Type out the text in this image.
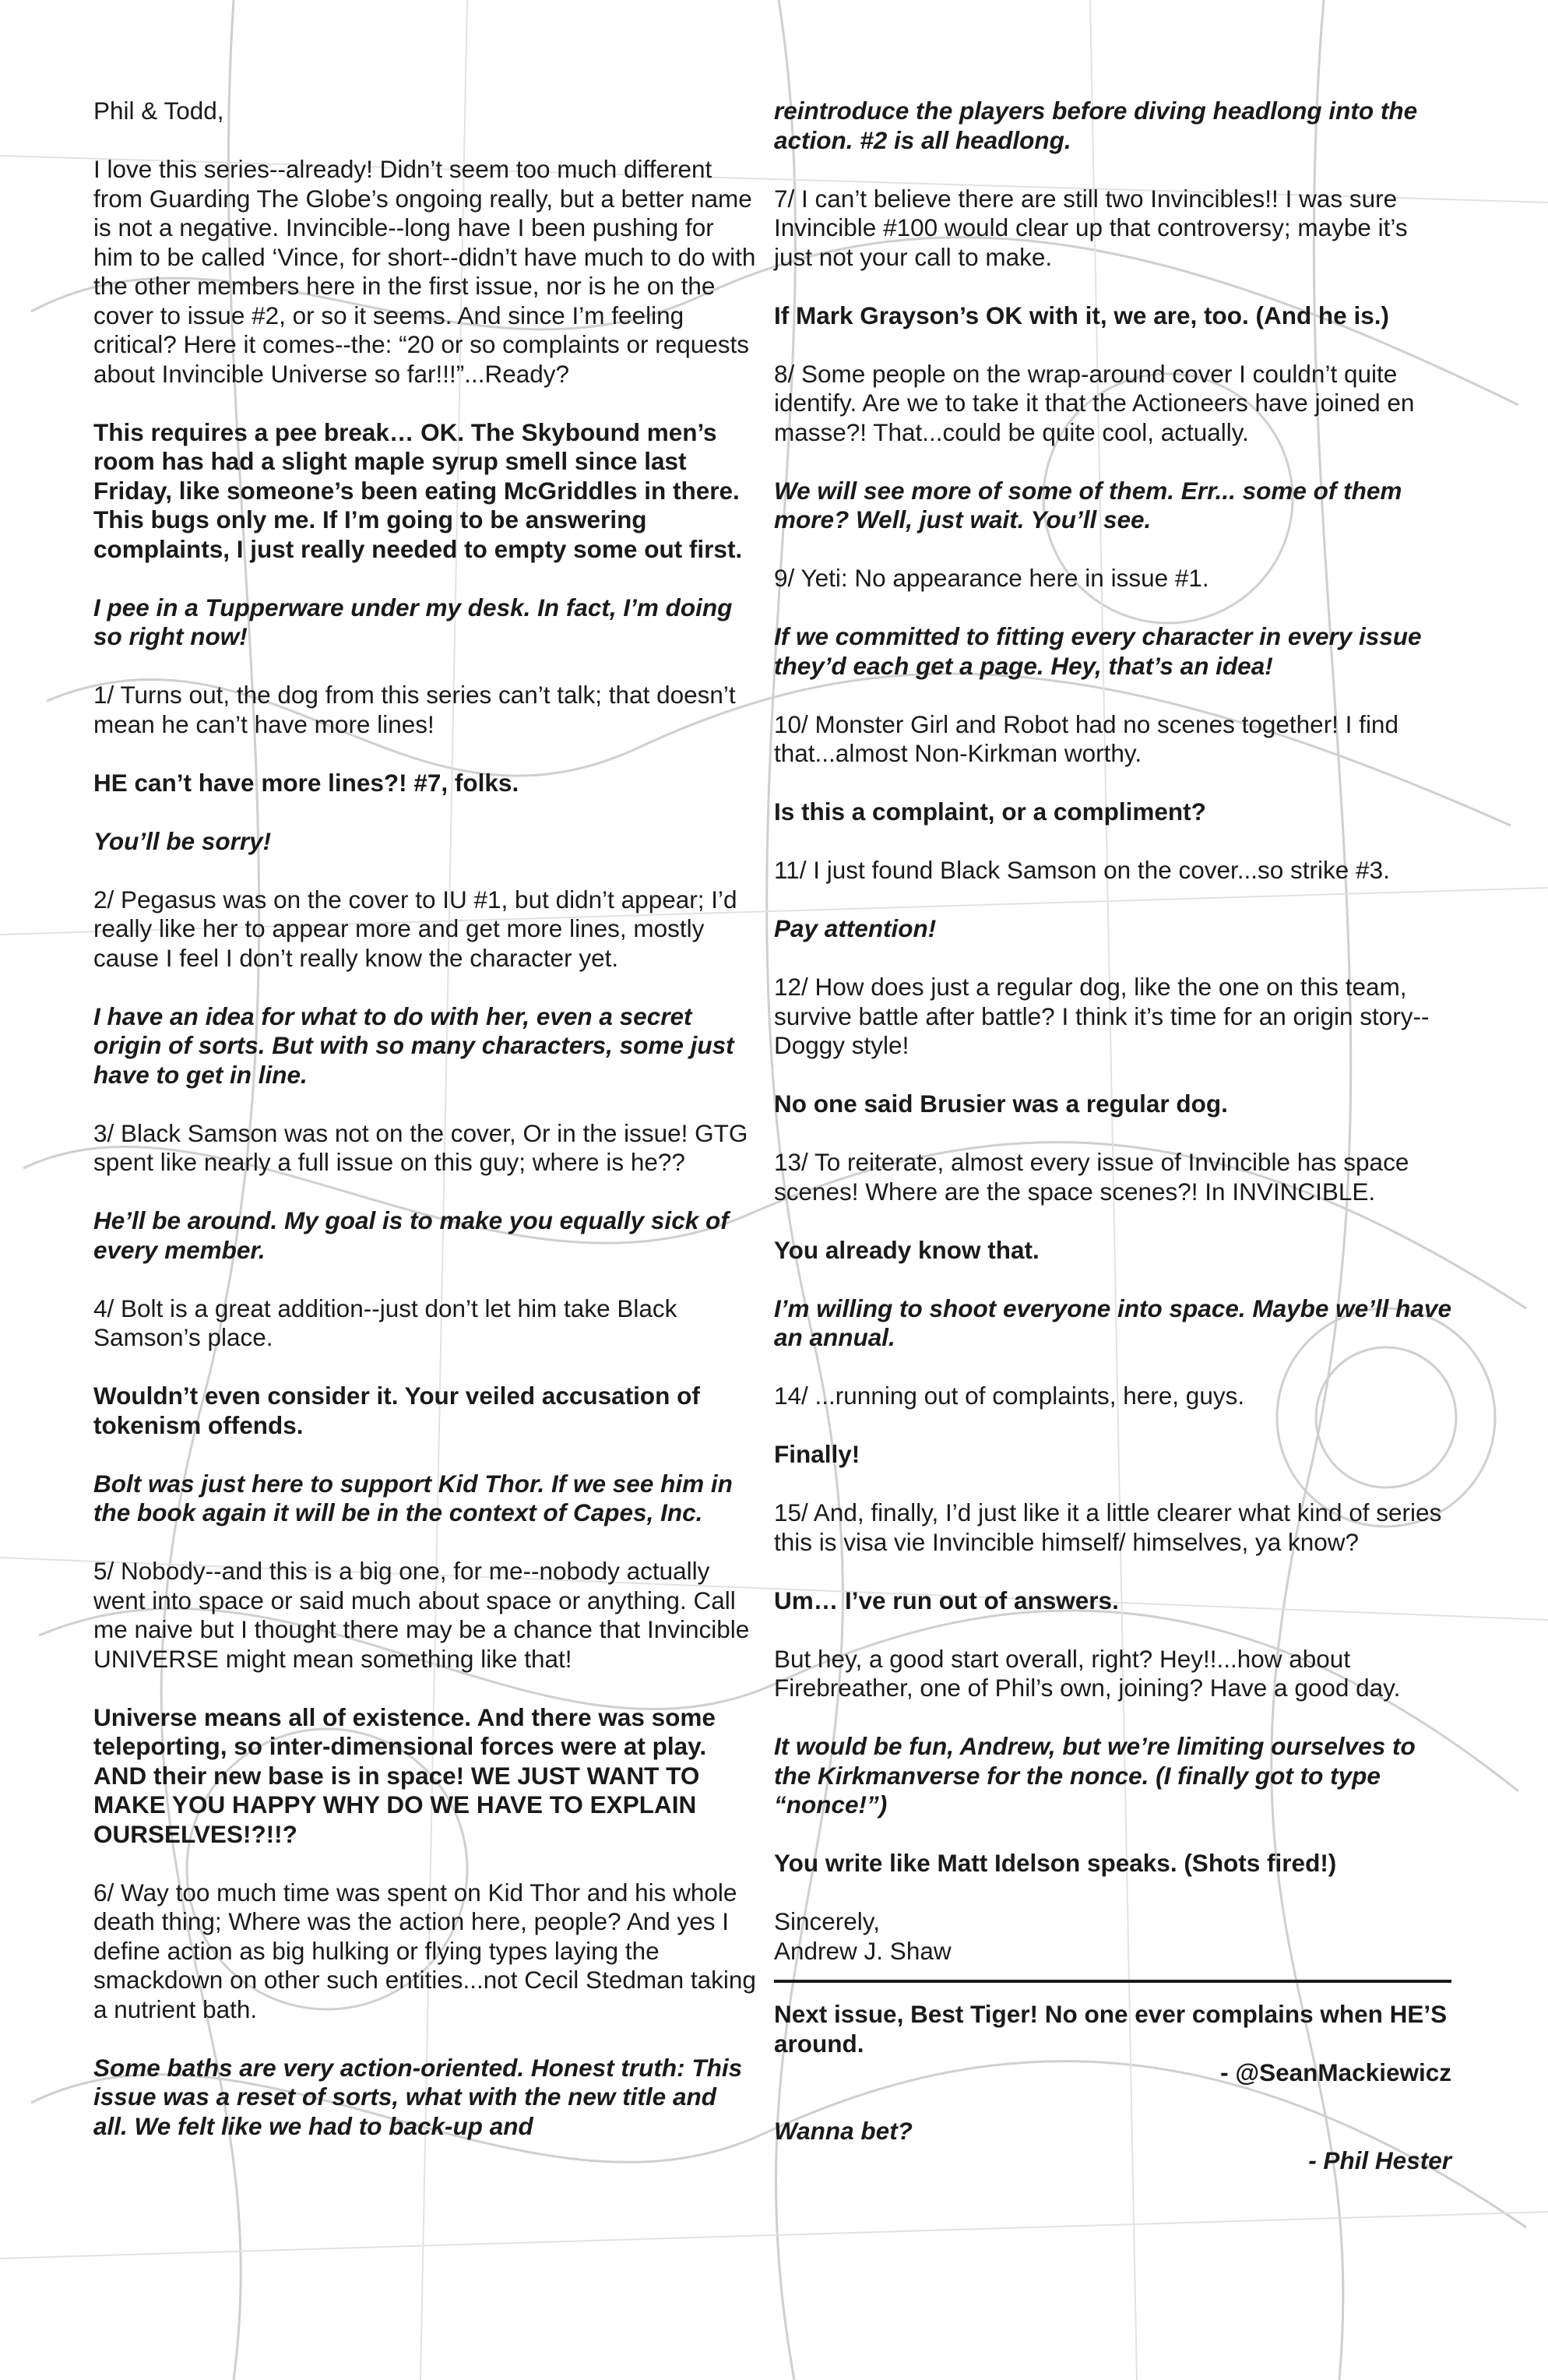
Phil & Todd,

I love this series--already! Didn’t seem too much different from Guarding The Globe’s ongoing really, but a better name is not a negative. Invincible--long have I been pushing for him to be called ‘Vince, for short--didn’t have much to do with the other members here in the first issue, nor is he on the cover to issue #2, or so it seems. And since I’m feeling critical? Here it comes--the: “20 or so complaints or requests about Invincible Universe so far!!!”...Ready?

This requires a pee break… OK. The Skybound men’s room has had a slight maple syrup smell since last Friday, like someone’s been eating McGriddles in there. This bugs only me. If I’m going to be answering complaints, I just really needed to empty some out first.

I pee in a Tupperware under my desk. In fact, I’m doing so right now!

1/ Turns out, the dog from this series can’t talk; that doesn’t mean he can’t have more lines!

HE can’t have more lines?! #7, folks.

You’ll be sorry!

2/ Pegasus was on the cover to IU #1, but didn’t appear; I’d really like her to appear more and get more lines, mostly cause I feel I don’t really know the character yet.

I have an idea for what to do with her, even a secret origin of sorts. But with so many characters, some just have to get in line.

3/ Black Samson was not on the cover, Or in the issue! GTG spent like nearly a full issue on this guy; where is he??

He’ll be around. My goal is to make you equally sick of every member.

4/ Bolt is a great addition--just don’t let him take Black Samson’s place.

Wouldn’t even consider it. Your veiled accusation of tokenism offends.

Bolt was just here to support Kid Thor. If we see him in the book again it will be in the context of Capes, Inc.

5/ Nobody--and this is a big one, for me--nobody actually went into space or said much about space or anything. Call me naive but I thought there may be a chance that Invincible UNIVERSE might mean something like that!

Universe means all of existence. And there was some teleporting, so inter-dimensional forces were at play. AND their new base is in space! WE JUST WANT TO MAKE YOU HAPPY WHY DO WE HAVE TO EXPLAIN OURSELVES!?!!?

6/ Way too much time was spent on Kid Thor and his whole death thing; Where was the action here, people? And yes I define action as big hulking or flying types laying the smackdown on other such entities...not Cecil Stedman taking a nutrient bath.

Some baths are very action-oriented. Honest truth: This issue was a reset of sorts, what with the new title and all. We felt like we had to back-up and

reintroduce the players before diving headlong into the action. #2 is all headlong.

7/ I can’t believe there are still two Invincibles!! I was sure Invincible #100 would clear up that controversy; maybe it’s just not your call to make.

If Mark Grayson’s OK with it, we are, too. (And he is.)

8/ Some people on the wrap-around cover I couldn’t quite identify. Are we to take it that the Actioneers have joined en masse?! That...could be quite cool, actually.

We will see more of some of them. Err... some of them more? Well, just wait. You’ll see.

9/ Yeti: No appearance here in issue #1.

If we committed to fitting every character in every issue they’d each get a page. Hey, that’s an idea!

10/ Monster Girl and Robot had no scenes together! I find that...almost Non-Kirkman worthy.

Is this a complaint, or a compliment?

11/ I just found Black Samson on the cover...so strike #3.

Pay attention!

12/ How does just a regular dog, like the one on this team, survive battle after battle? I think it’s time for an origin story--Doggy style!

No one said Brusier was a regular dog.

13/ To reiterate, almost every issue of Invincible has space scenes! Where are the space scenes?! In INVINCIBLE.

You already know that.

I’m willing to shoot everyone into space. Maybe we’ll have an annual.

14/ ...running out of complaints, here, guys.

Finally!

15/ And, finally, I’d just like it a little clearer what kind of series this is visa vie Invincible himself/ himselves, ya know?

Um… I’ve run out of answers.

But hey, a good start overall, right? Hey!!...how about Firebreather, one of Phil’s own, joining? Have a good day.

It would be fun, Andrew, but we’re limiting ourselves to the Kirkmanverse for the nonce. (I finally got to type “nonce!”)

You write like Matt Idelson speaks. (Shots fired!)

Sincerely,

Andrew J. Shaw

Next issue, Best Tiger! No one ever complains when HE’S around.

- @SeanMackiewicz

Wanna bet?

- Phil Hester
